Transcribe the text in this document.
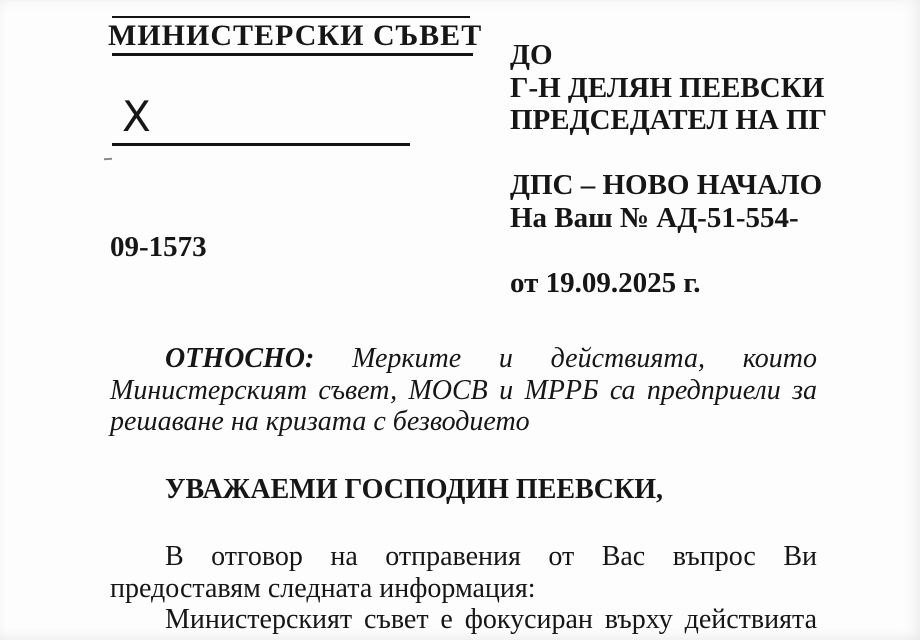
МИНИСТЕРСКИ СЪВЕТ
X
ДО
Г-Н ДЕЛЯН ПЕЕВСКИ
ПРЕДСЕДАТЕЛ НА ПГ
ДПС – НОВО НАЧАЛО
На Ваш № АД-51-554-
от 19.09.2025 г.
09-1573
ОТНОСНО: Мерките и действията, които
Министерският съвет, МОСВ и МРРБ са предприели за
решаване на кризата с безводието
УВАЖАЕМИ ГОСПОДИН ПЕЕВСКИ,
В отговор на отправения от Вас въпрос Ви
предоставям следната информация:
Министерският съвет е фокусиран върху действията
